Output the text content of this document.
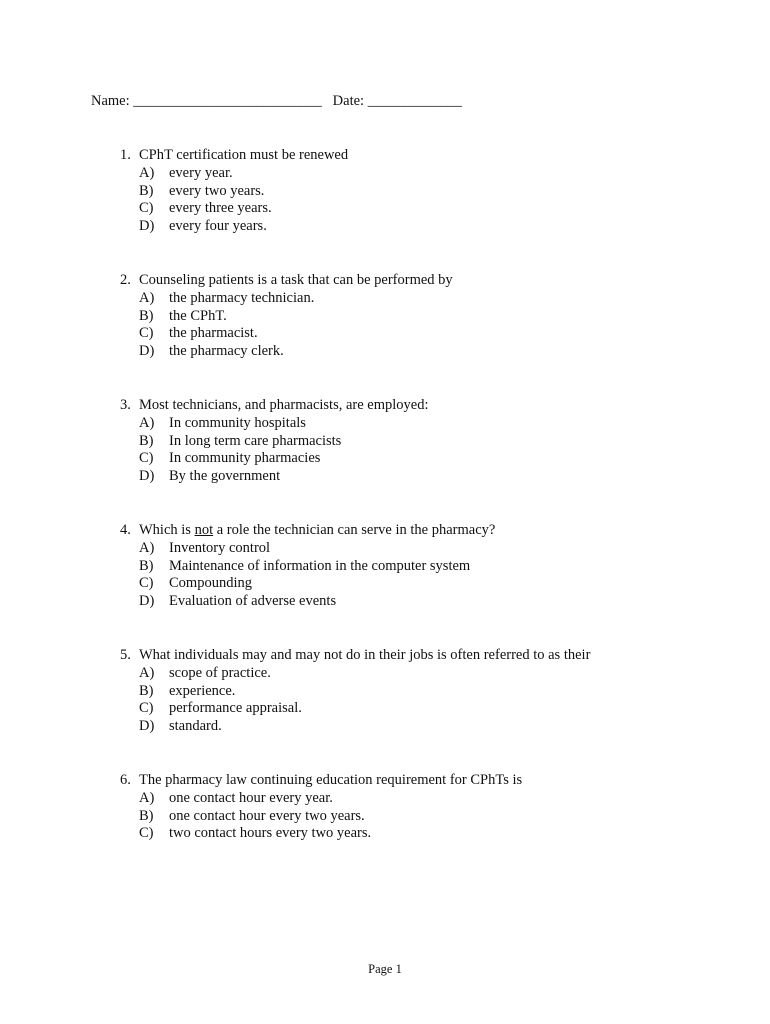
Name: __________________________ Date: _____________
1. CPhT certification must be renewed
A) every year.
B) every two years.
C) every three years.
D) every four years.
2. Counseling patients is a task that can be performed by
A) the pharmacy technician.
B) the CPhT.
C) the pharmacist.
D) the pharmacy clerk.
3. Most technicians, and pharmacists, are employed:
A) In community hospitals
B) In long term care pharmacists
C) In community pharmacies
D) By the government
4. Which is not a role the technician can serve in the pharmacy?
A) Inventory control
B) Maintenance of information in the computer system
C) Compounding
D) Evaluation of adverse events
5. What individuals may and may not do in their jobs is often referred to as their
A) scope of practice.
B) experience.
C) performance appraisal.
D) standard.
6. The pharmacy law continuing education requirement for CPhTs is
A) one contact hour every year.
B) one contact hour every two years.
C) two contact hours every two years.
Page 1
